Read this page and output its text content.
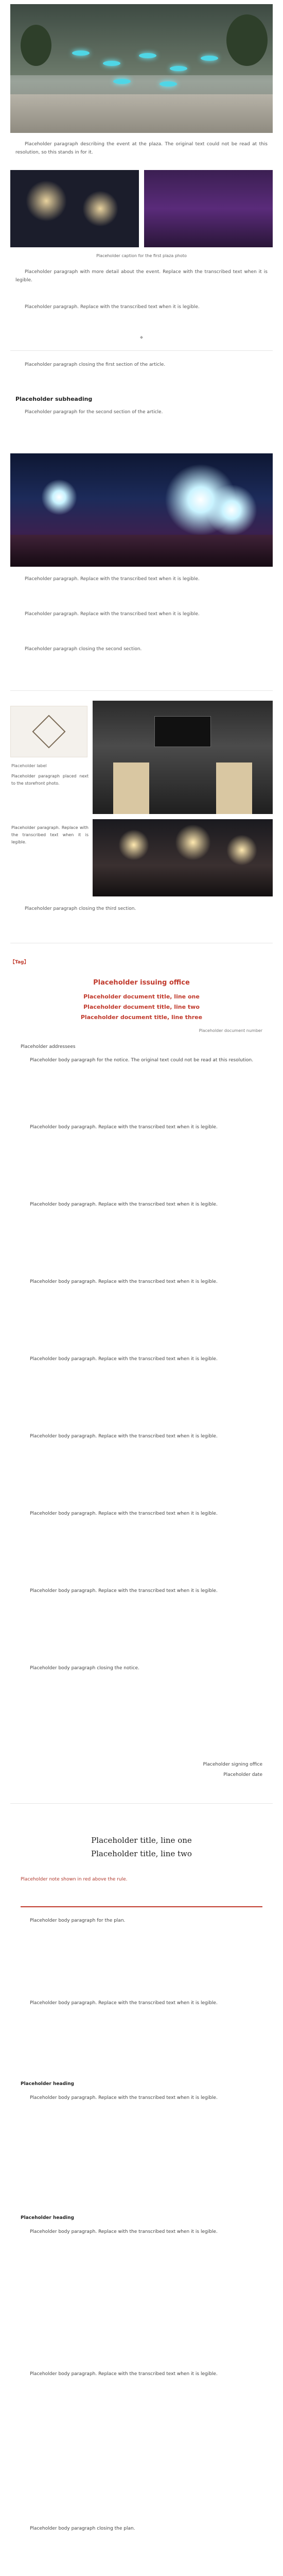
Placeholder paragraph describing the event at the plaza. The original text could not be read at this resolution, so this stands in for it.
Placeholder caption for the first plaza photo
Placeholder paragraph with more detail about the event. Replace with the transcribed text when it is legible.
Placeholder paragraph. Replace with the transcribed text when it is legible.
◆
Placeholder paragraph closing the first section of the article.
Placeholder subheading
Placeholder paragraph for the second section of the article.
Placeholder paragraph. Replace with the transcribed text when it is legible.
Placeholder paragraph. Replace with the transcribed text when it is legible.
Placeholder paragraph closing the second section.
Placeholder label
Placeholder paragraph placed next to the storefront photo.
Placeholder paragraph. Replace with the transcribed text when it is legible.
Placeholder paragraph closing the third section.
【Tag】
Placeholder issuing office
Placeholder document title, line one
Placeholder document title, line two
Placeholder document title, line three
Placeholder document number
Placeholder addressees
Placeholder body paragraph for the notice. The original text could not be read at this resolution.
Placeholder body paragraph. Replace with the transcribed text when it is legible.
Placeholder body paragraph. Replace with the transcribed text when it is legible.
Placeholder body paragraph. Replace with the transcribed text when it is legible.
Placeholder body paragraph. Replace with the transcribed text when it is legible.
Placeholder body paragraph. Replace with the transcribed text when it is legible.
Placeholder body paragraph. Replace with the transcribed text when it is legible.
Placeholder body paragraph. Replace with the transcribed text when it is legible.
Placeholder body paragraph closing the notice.
Placeholder signing office
Placeholder date
Placeholder title, line one
Placeholder title, line two
Placeholder note shown in red above the rule.
Placeholder body paragraph for the plan.
Placeholder body paragraph. Replace with the transcribed text when it is legible.
Placeholder heading
Placeholder body paragraph. Replace with the transcribed text when it is legible.
Placeholder heading
Placeholder body paragraph. Replace with the transcribed text when it is legible.
Placeholder body paragraph. Replace with the transcribed text when it is legible.
Placeholder body paragraph closing the plan.
